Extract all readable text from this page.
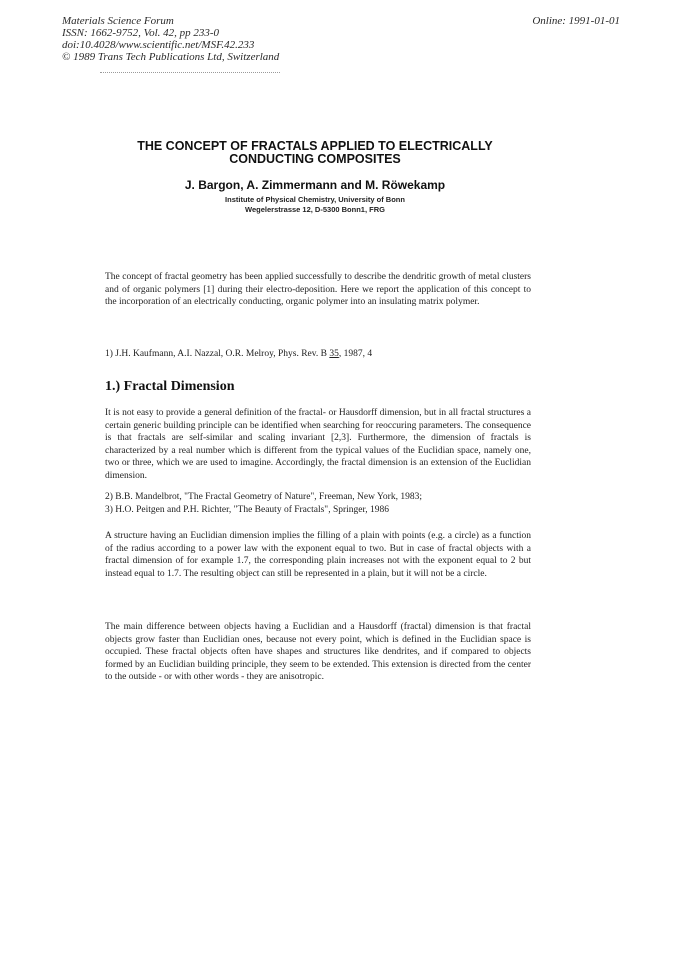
Materials Science Forum
ISSN: 1662-9752, Vol. 42, pp 233-0
doi:10.4028/www.scientific.net/MSF.42.233
© 1989 Trans Tech Publications Ltd, Switzerland
Online: 1991-01-01
THE CONCEPT OF FRACTALS APPLIED TO ELECTRICALLY
CONDUCTING COMPOSITES
J. Bargon, A. Zimmermann and M. Röwekamp
Institute of Physical Chemistry, University of Bonn
Wegelerstrasse 12, D-5300 Bonn1, FRG
The concept of fractal geometry has been applied successfully to describe the dendritic growth of metal clusters and of organic polymers [1] during their electro-deposition. Here we report the application of this concept to the incorporation of an electrically conducting, organic polymer into an insulating matrix polymer.
1) J.H. Kaufmann, A.I. Nazzal, O.R. Melroy, Phys. Rev. B 35, 1987, 4
1.) Fractal Dimension
It is not easy to provide a general definition of the fractal- or Hausdorff dimension, but in all fractal structures a certain generic building principle can be identified when searching for reoccuring parameters. The consequence is that fractals are self-similar and scaling invariant [2,3]. Furthermore, the dimension of fractals is characterized by a real number which is different from the typical values of the Euclidian space, namely one, two or three, which we are used to imagine. Accordingly, the fractal dimension is an extension of the Euclidian dimension.
2) B.B. Mandelbrot, "The Fractal Geometry of Nature", Freeman, New York, 1983;
3) H.O. Peitgen and P.H. Richter, "The Beauty of Fractals", Springer, 1986
A structure having an Euclidian dimension implies the filling of a plain with points (e.g. a circle) as a function of the radius according to a power law with the exponent equal to two. But in case of fractal objects with a fractal dimension of for example 1.7, the corresponding plain increases not with the exponent equal to 2 but instead equal to 1.7. The resulting object can still be represented in a plain, but it will not be a circle.
The main difference between objects having a Euclidian and a Hausdorff (fractal) dimension is that fractal objects grow faster than Euclidian ones, because not every point, which is defined in the Euclidian space is occupied. These fractal objects often have shapes and structures like dendrites, and if compared to objects formed by an Euclidian building principle, they seem to be extended. This extension is directed from the center to the outside - or with other words - they are anisotropic.
